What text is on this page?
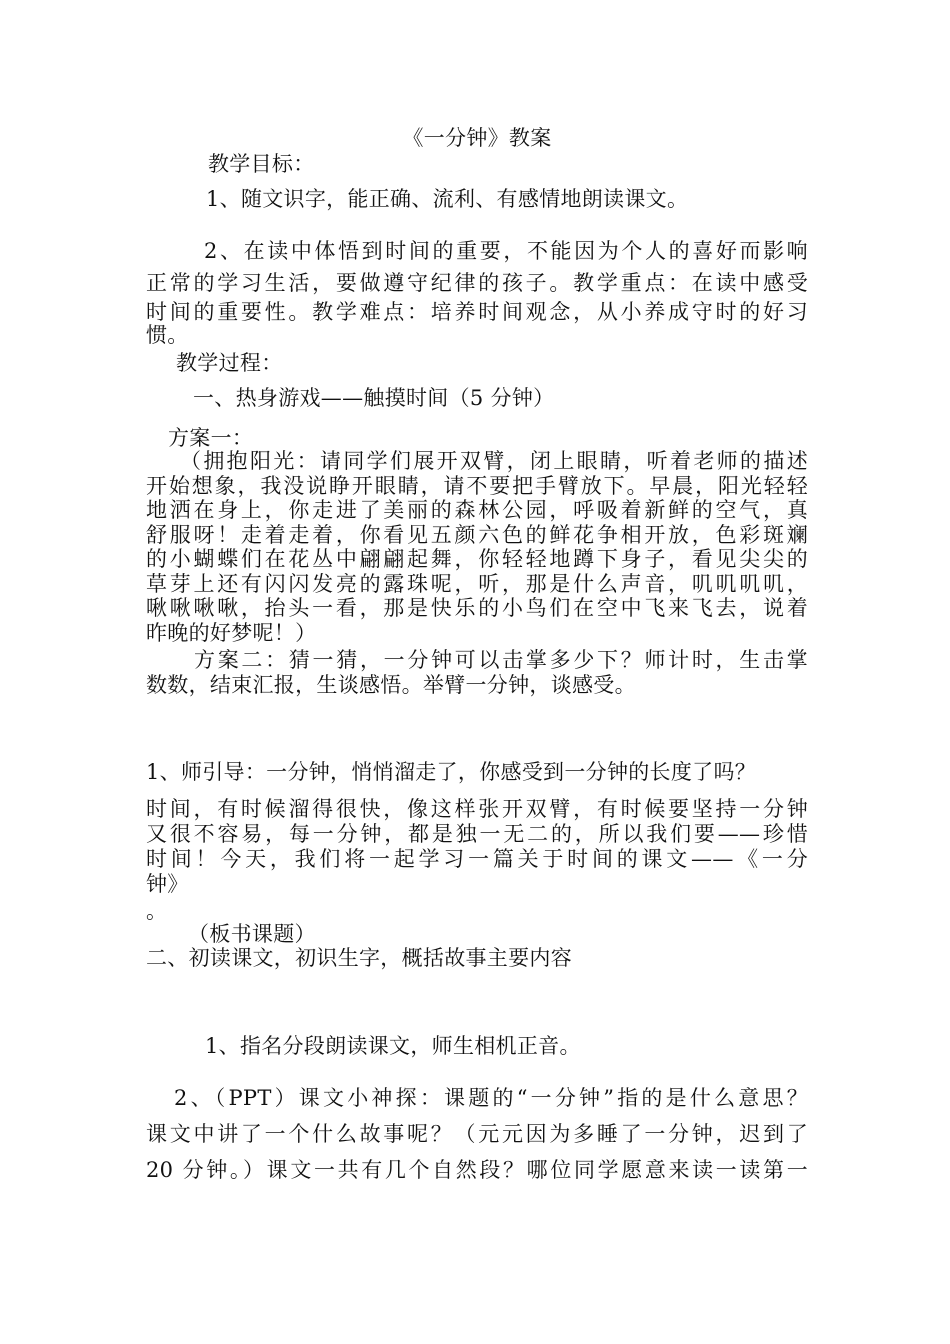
《一分钟》教案
教学目标：
1、随文识字，能正确、流利、有感情地朗读课文。
2、在读中体悟到时间的重要，不能因为个人的喜好而影响
正常的学习生活，要做遵守纪律的孩子。教学重点：在读中感受
时间的重要性。教学难点：培养时间观念，从小养成守时的好习
惯。
教学过程：
一、热身游戏——触摸时间（5 分钟）
方案一：
（拥抱阳光：请同学们展开双臂，闭上眼睛，听着老师的描述
开始想象，我没说睁开眼睛，请不要把手臂放下。早晨，阳光轻轻
地洒在身上，你走进了美丽的森林公园，呼吸着新鲜的空气，真
舒服呀！走着走着，你看见五颜六色的鲜花争相开放，色彩斑斓
的小蝴蝶们在花丛中翩翩起舞，你轻轻地蹲下身子，看见尖尖的
草芽上还有闪闪发亮的露珠呢，听，那是什么声音，叽叽叽叽，
啾啾啾啾，抬头一看，那是快乐的小鸟们在空中飞来飞去，说着
昨晚的好梦呢！）
方案二：猜一猜，一分钟可以击掌多少下？师计时，生击掌
数数，结束汇报，生谈感悟。举臂一分钟，谈感受。
1、师引导：一分钟，悄悄溜走了，你感受到一分钟的长度了吗？
时间，有时候溜得很快，像这样张开双臂，有时候要坚持一分钟
又很不容易，每一分钟，都是独一无二的，所以我们要——珍惜
时间！今天，我们将一起学习一篇关于时间的课文——《一分
钟》
。
（板书课题）
二、初读课文，初识生字，概括故事主要内容
1、指名分段朗读课文，师生相机正音。
2、（PPT）课文小神探：课题的“一分钟”指的是什么意思？
课文中讲了一个什么故事呢？（元元因为多睡了一分钟，迟到了
20 分钟。）课文一共有几个自然段？哪位同学愿意来读一读第一
